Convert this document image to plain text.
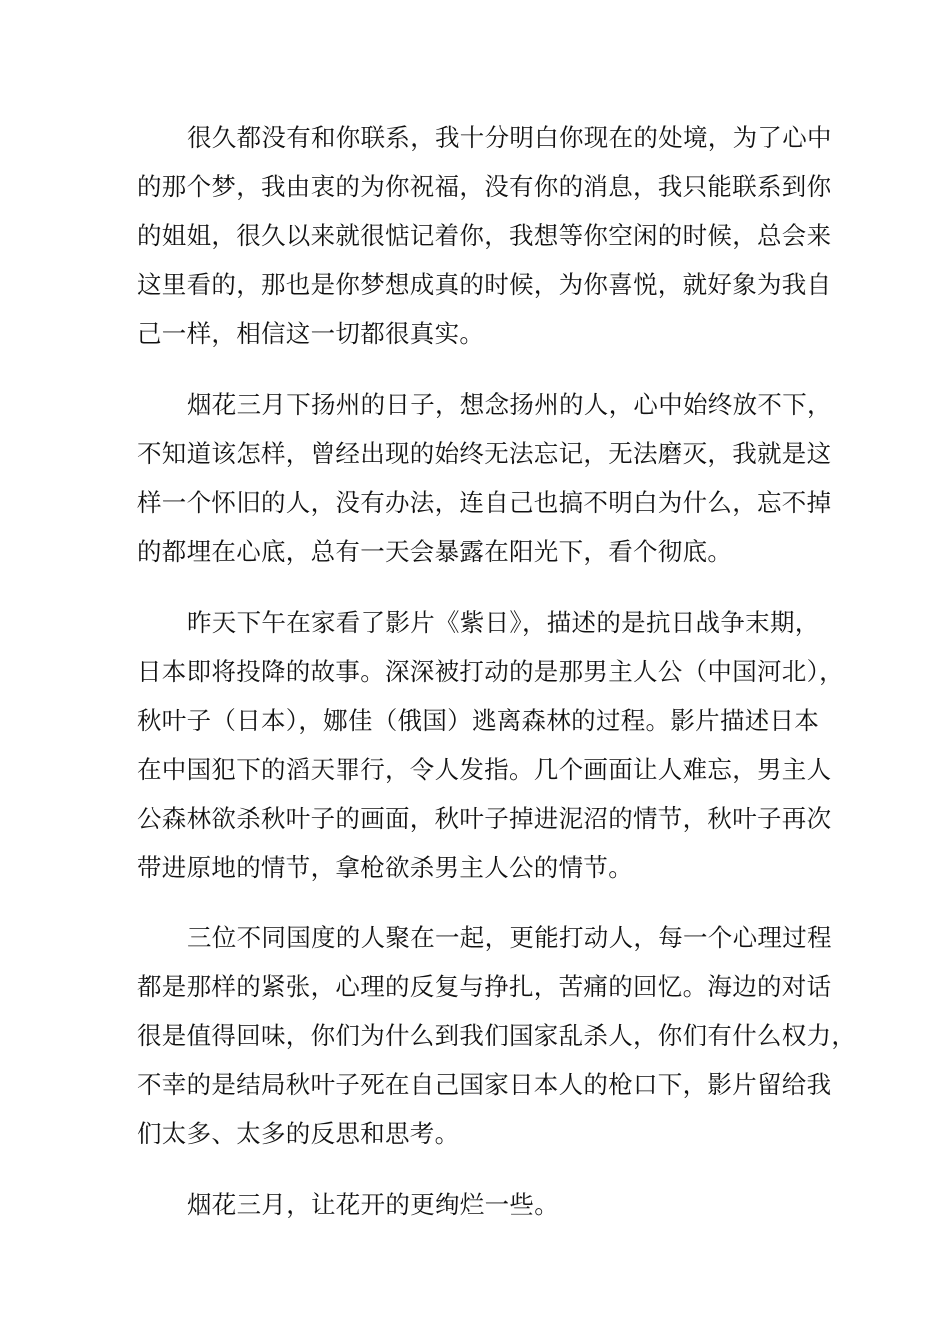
很久都没有和你联系，我十分明白你现在的处境，为了心中
的那个梦，我由衷的为你祝福，没有你的消息，我只能联系到你
的姐姐，很久以来就很惦记着你，我想等你空闲的时候，总会来
这里看的，那也是你梦想成真的时候，为你喜悦，就好象为我自
己一样，相信这一切都很真实。
烟花三月下扬州的日子，想念扬州的人，心中始终放不下，
不知道该怎样，曾经出现的始终无法忘记，无法磨灭，我就是这
样一个怀旧的人，没有办法，连自己也搞不明白为什么，忘不掉
的都埋在心底，总有一天会暴露在阳光下，看个彻底。
昨天下午在家看了影片《紫日》，描述的是抗日战争末期，
日本即将投降的故事。深深被打动的是那男主人公（中国河北），
秋叶子（日本），娜佳（俄国）逃离森林的过程。影片描述日本
在中国犯下的滔天罪行，令人发指。几个画面让人难忘，男主人
公森林欲杀秋叶子的画面，秋叶子掉进泥沼的情节，秋叶子再次
带进原地的情节，拿枪欲杀男主人公的情节。
三位不同国度的人聚在一起，更能打动人，每一个心理过程
都是那样的紧张，心理的反复与挣扎，苦痛的回忆。海边的对话
很是值得回味，你们为什么到我们国家乱杀人，你们有什么权力，
不幸的是结局秋叶子死在自己国家日本人的枪口下，影片留给我
们太多、太多的反思和思考。
烟花三月，让花开的更绚烂一些。
